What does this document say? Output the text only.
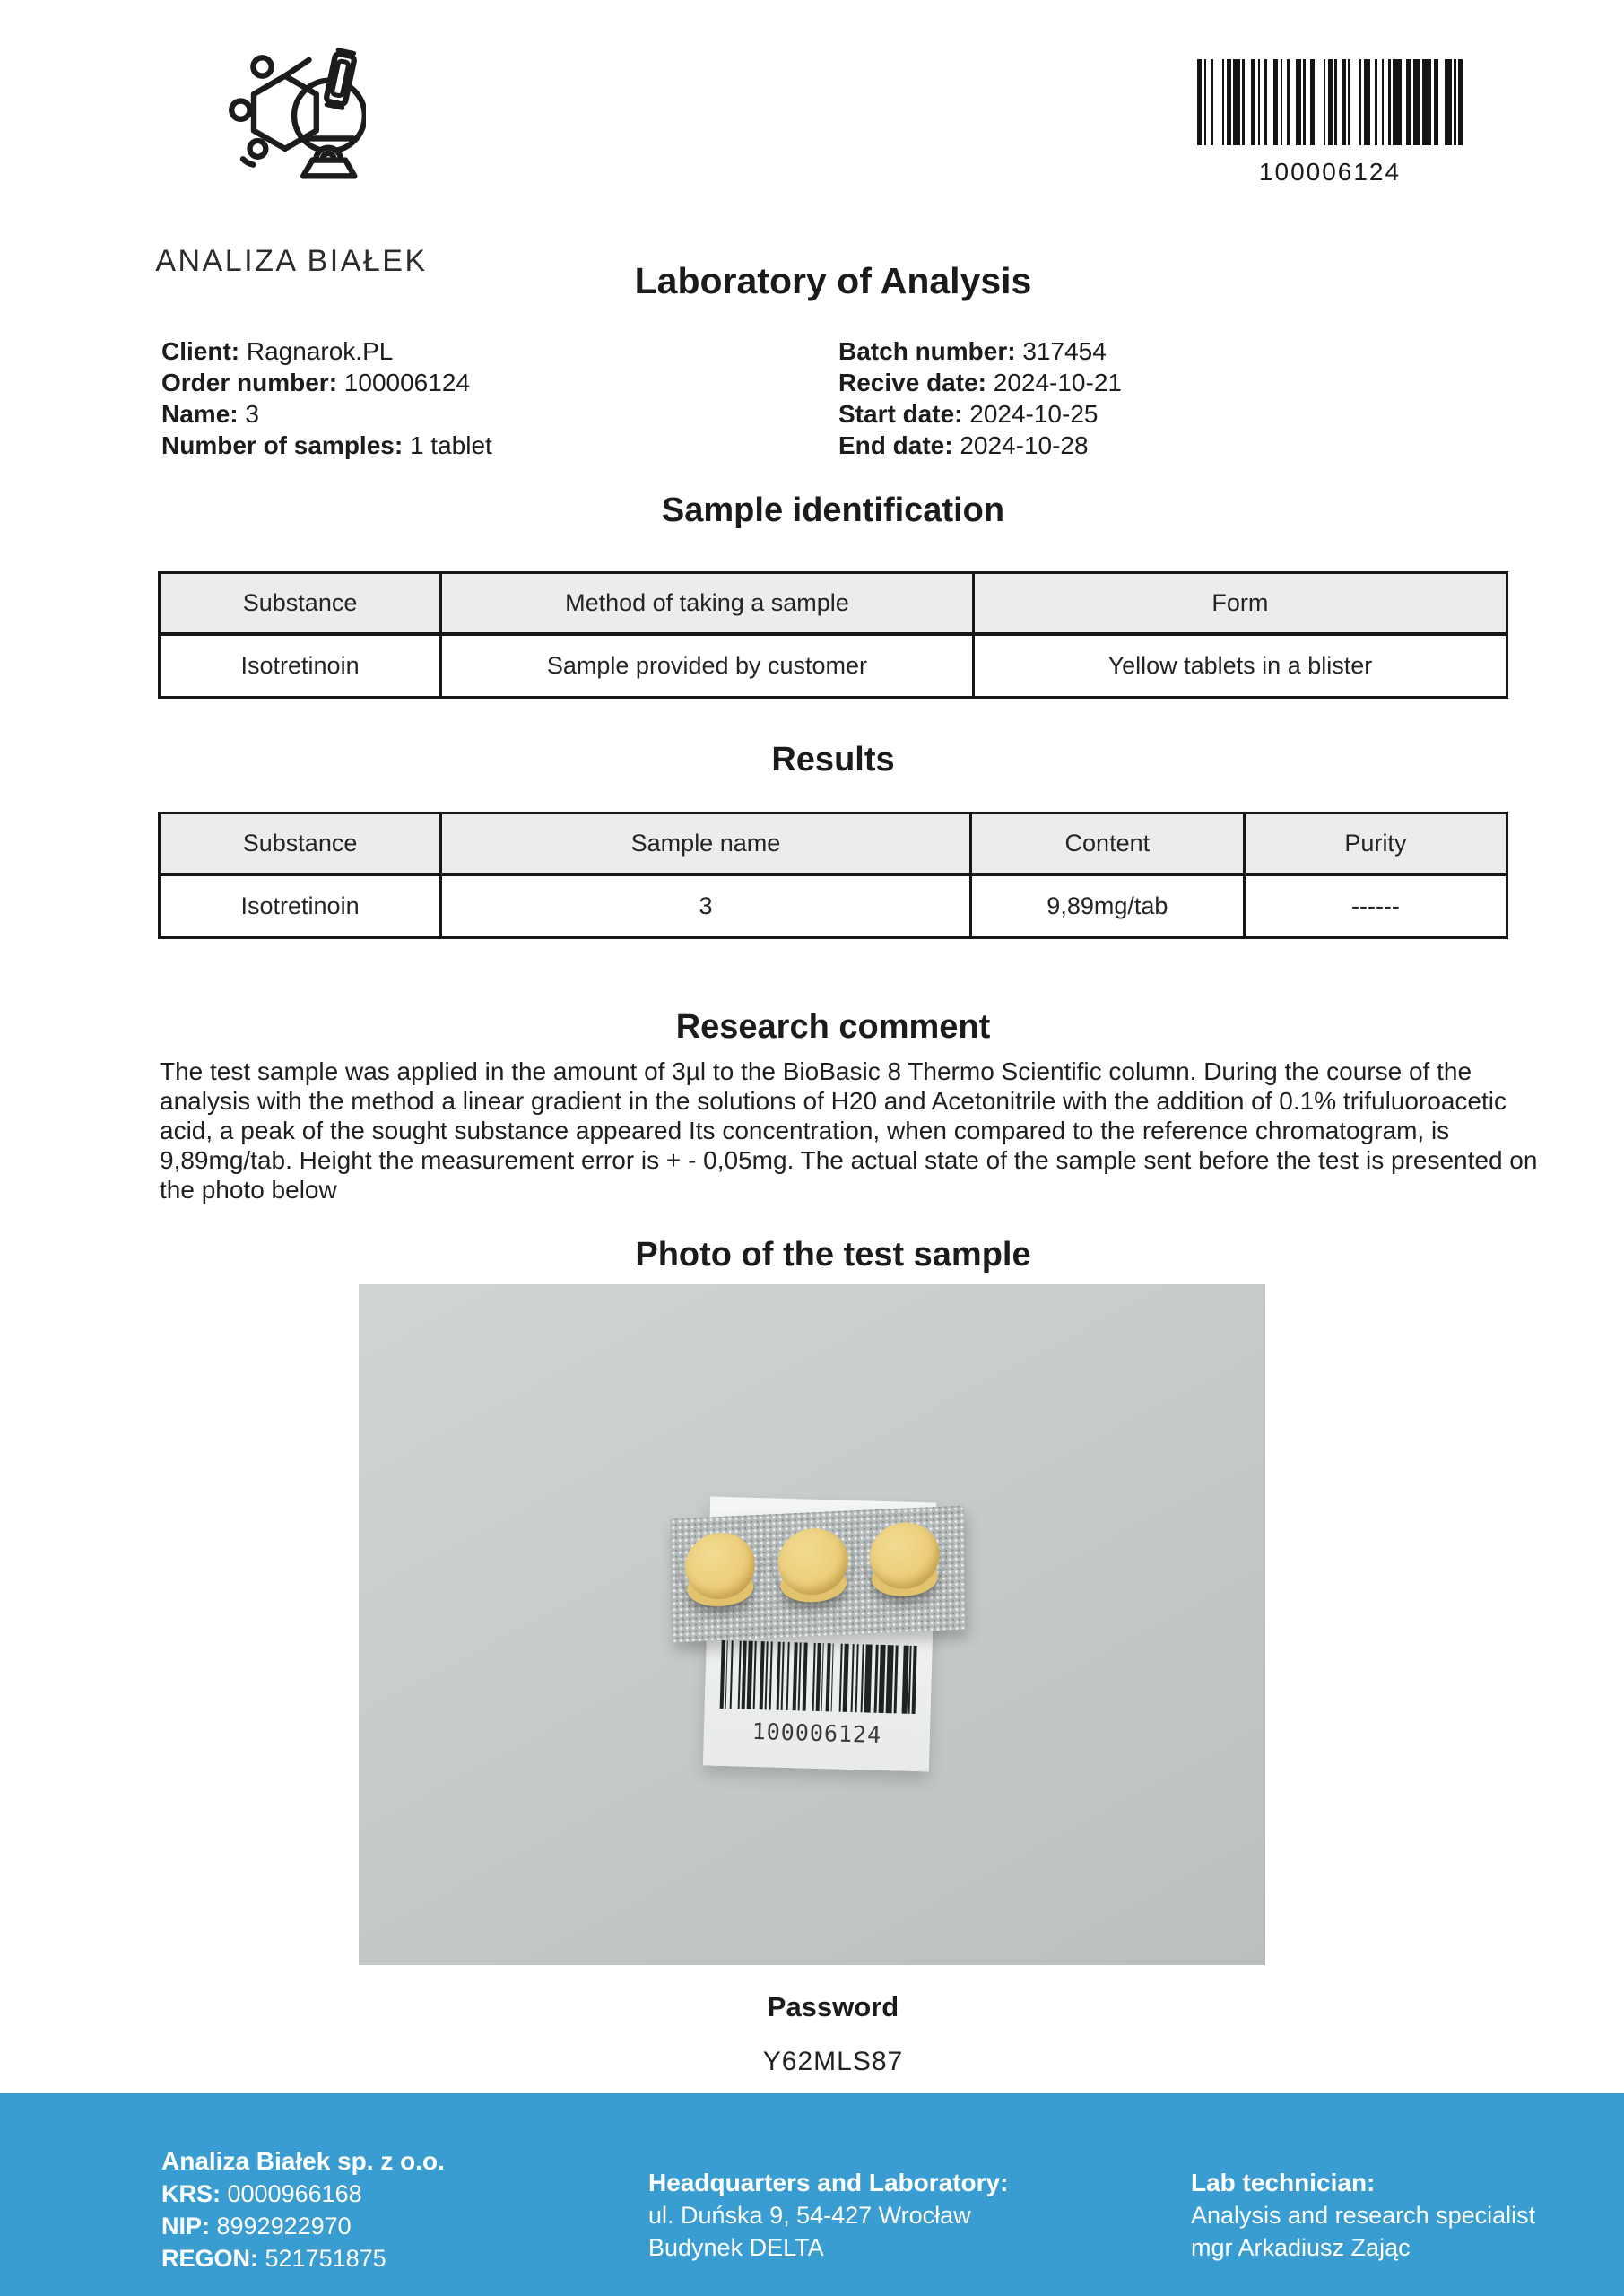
ANALIZA BIAŁEK
100006124
Laboratory of Analysis
Client: Ragnarok.PL
Order number: 100006124
Name: 3
Number of samples: 1 tablet
Batch number: 317454
Recive date: 2024-10-21
Start date: 2024-10-25
End date: 2024-10-28
Sample identification
Substance	Method of taking a sample	Form
Isotretinoin	Sample provided by customer	Yellow tablets in a blister
Results
Substance	Sample name	Content	Purity
Isotretinoin	3	9,89mg/tab	------
Research comment
The test sample was applied in the amount of 3µl to the BioBasic 8 Thermo Scientific column. During the course of the analysis with the method a linear gradient in the solutions of H20 and Acetonitrile with the addition of 0.1% trifuluoroacetic acid, a peak of the sought substance appeared Its concentration, when compared to the reference chromatogram, is 9,89mg/tab. Height the measurement error is + - 0,05mg. The actual state of the sample sent before the test is presented on the photo below
Photo of the test sample
100006124
Password
Y62MLS87
Analiza Białek sp. z o.o.
KRS: 0000966168
NIP: 8992922970
REGON: 521751875
Headquarters and Laboratory:
ul. Duńska 9, 54-427 Wrocław
Budynek DELTA
Lab technician:
Analysis and research specialist
mgr Arkadiusz Zając
